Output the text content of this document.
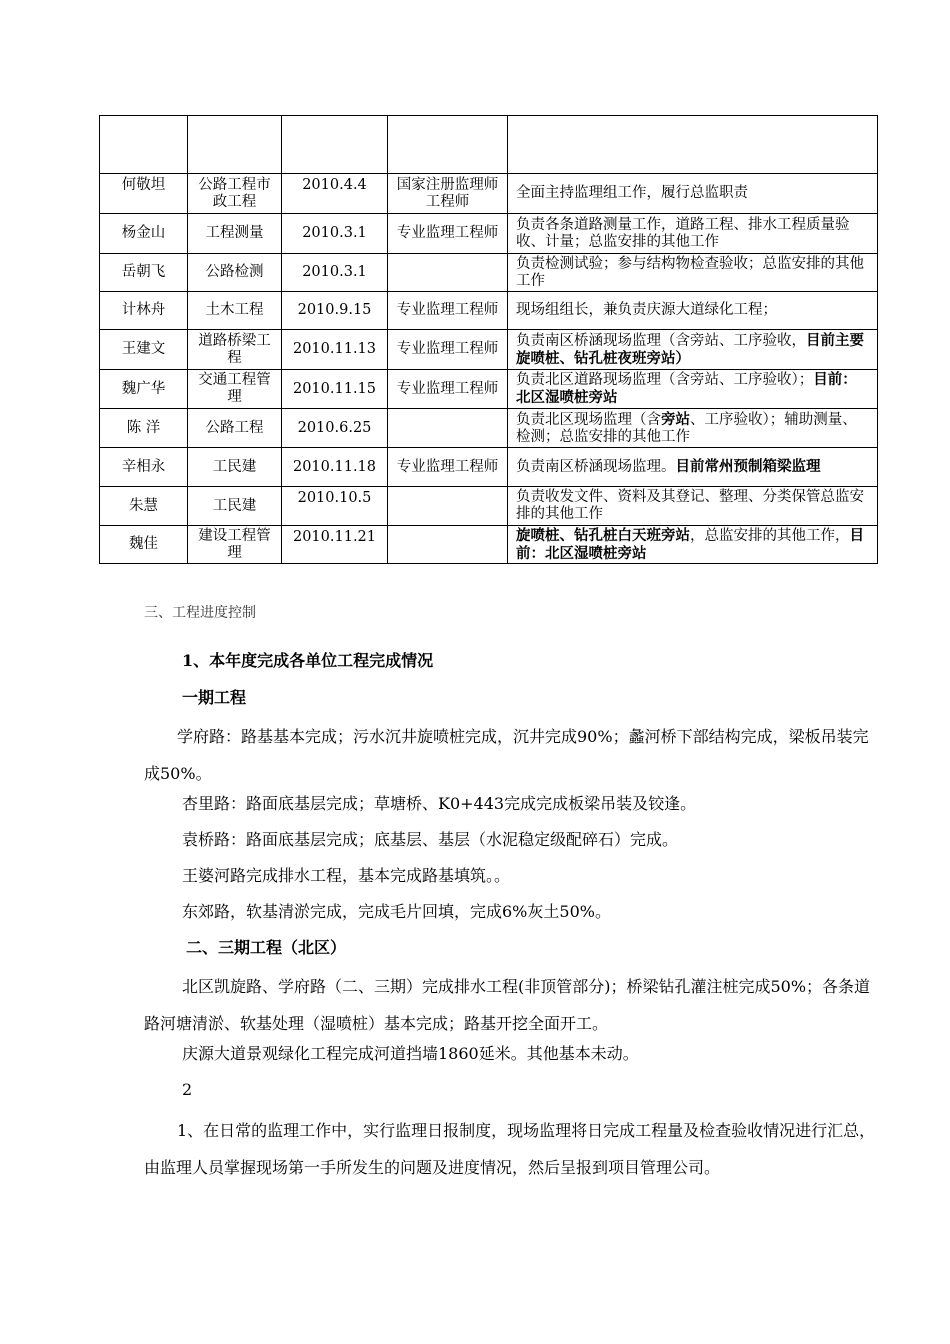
何敬坦	公路工程市政工程	2010.4.4	国家注册监理师工程师	全面主持监理组工作，履行总监职责
杨金山	工程测量	2010.3.1	专业监理工程师	负责各条道路测量工作，道路工程、排水工程质量验收、计量；总监安排的其他工作
岳朝飞	公路检测	2010.3.1		负责检测试验；参与结构物检查验收；总监安排的其他工作
计林舟	土木工程	2010.9.15	专业监理工程师	现场组组长，兼负责庆源大道绿化工程；
王建文	道路桥梁工程	2010.11.13	专业监理工程师	负责南区桥涵现场监理（含旁站、工序验收，目前主要旋喷桩、钻孔桩夜班旁站）
魏广华	交通工程管理	2010.11.15	专业监理工程师	负责北区道路现场监理（含旁站、工序验收）；目前：北区湿喷桩旁站
陈 洋	公路工程	2010.6.25		负责北区现场监理（含旁站、工序验收）；辅助测量、检测；总监安排的其他工作
辛相永	工民建	2010.11.18	专业监理工程师	负责南区桥涵现场监理。目前常州预制箱梁监理
朱慧	工民建	2010.10.5		负责收发文件、资料及其登记、整理、分类保管总监安排的其他工作
魏佳	建设工程管理	2010.11.21		旋喷桩、钻孔桩白天班旁站，总监安排的其他工作，目前：北区湿喷桩旁站
三、工程进度控制
1、本年度完成各单位工程完成情况
一期工程
学府路：路基基本完成；污水沉井旋喷桩完成，沉井完成90%；蠡河桥下部结构完成，梁板吊装完成50%。
杏里路：路面底基层完成；草塘桥、K0+443完成完成板梁吊装及铰逢。
袁桥路：路面底基层完成；底基层、基层（水泥稳定级配碎石）完成。
王婆河路完成排水工程，基本完成路基填筑。。
东郊路，软基清淤完成，完成毛片回填，完成6%灰土50%。
二、三期工程（北区）
北区凯旋路、学府路（二、三期）完成排水工程(非顶管部分)；桥梁钻孔灌注桩完成50%；各条道路河塘清淤、软基处理（湿喷桩）基本完成；路基开挖全面开工。
庆源大道景观绿化工程完成河道挡墙1860延米。其他基本未动。
2
1、在日常的监理工作中，实行监理日报制度，现场监理将日完成工程量及检查验收情况进行汇总，由监理人员掌握现场第一手所发生的问题及进度情况，然后呈报到项目管理公司。
